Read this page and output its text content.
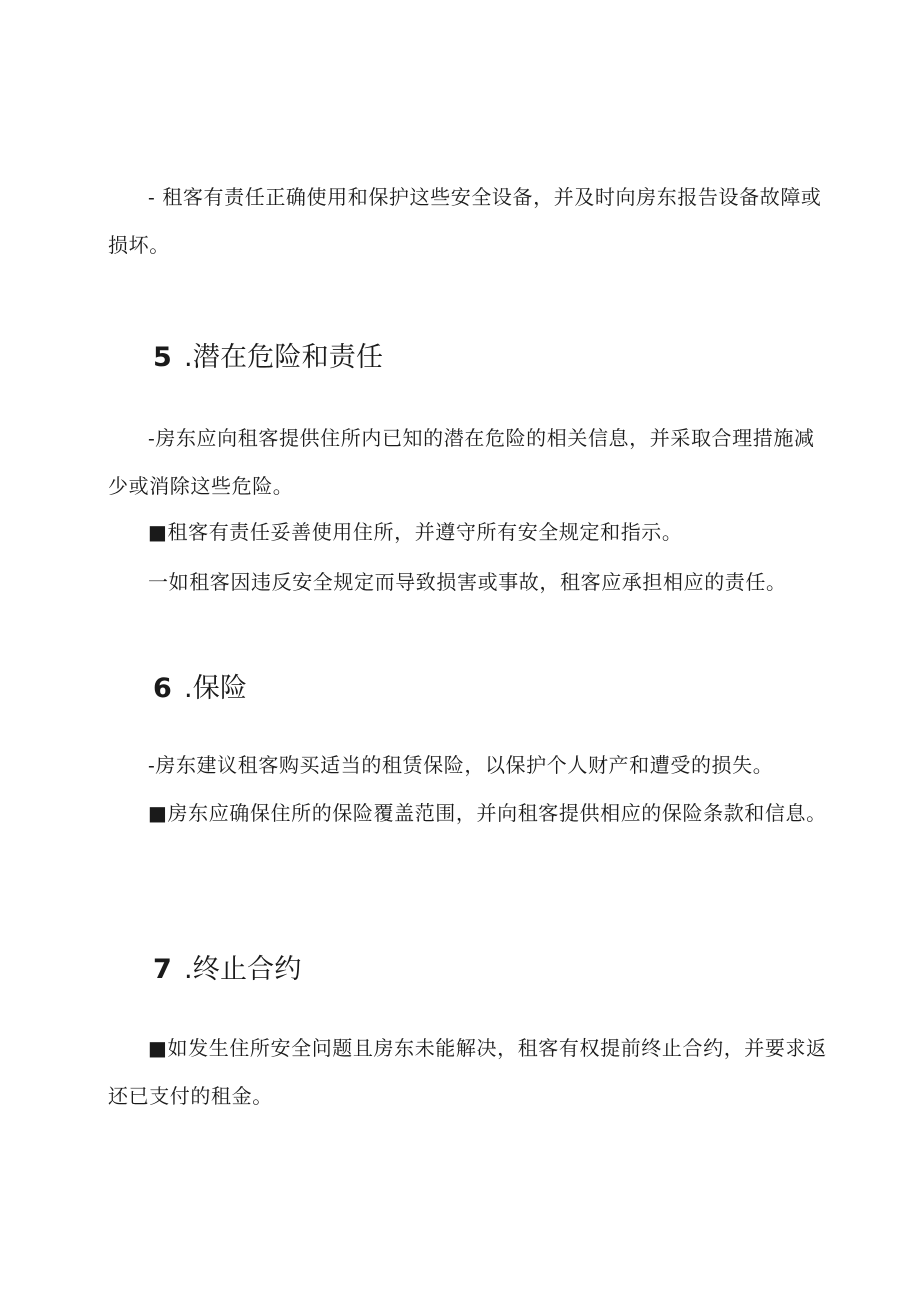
- 租客有责任正确使用和保护这些安全设备，并及时向房东报告设备故障或损坏。

5 .潜在危险和责任

-房东应向租客提供住所内已知的潜在危险的相关信息，并采取合理措施减少或消除这些危险。

■租客有责任妥善使用住所，并遵守所有安全规定和指示。

一如租客因违反安全规定而导致损害或事故，租客应承担相应的责任。

6 .保险

-房东建议租客购买适当的租赁保险，以保护个人财产和遭受的损失。

■房东应确保住所的保险覆盖范围，并向租客提供相应的保险条款和信息。

7 .终止合约

■如发生住所安全问题且房东未能解决，租客有权提前终止合约，并要求返还已支付的租金。
